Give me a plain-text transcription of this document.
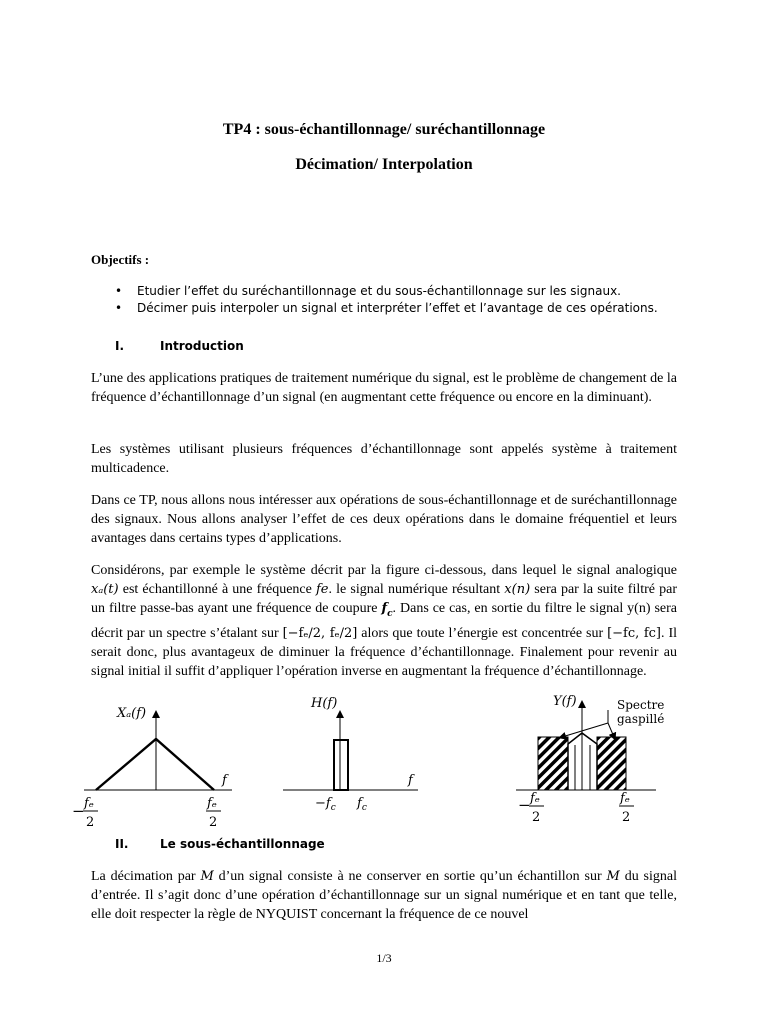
TP4 : sous-échantillonnage/ suréchantillonnage
Décimation/ Interpolation
Objectifs :
• Etudier l’effet du suréchantillonnage et du sous-échantillonnage sur les signaux.
• Décimer puis interpoler un signal et interpréter l’effet et l’avantage de ces opérations.
I.	Introduction

L’une des applications pratiques de traitement numérique du signal, est le problème de changement de la fréquence d’échantillonnage d’un signal (en augmentant cette fréquence ou encore en la diminuant).

Les systèmes utilisant plusieurs fréquences d’échantillonnage sont appelés système à traitement multicadence.

Dans ce TP, nous allons nous intéresser aux opérations de sous-échantillonnage et de suréchantillonnage des signaux. Nous allons analyser l’effet de ces deux opérations dans le domaine fréquentiel et leurs avantages dans certains types d’applications.

Considérons, par exemple le système décrit par la figure ci-dessous, dans lequel le signal analogique xₐ(t) est échantillonné à une fréquence fe. le signal numérique résultant x(n) sera par la suite filtré par un filtre passe-bas ayant une fréquence de coupure $f_c$. Dans ce cas, en sortie du filtre le signal y(n) sera décrit par un spectre s’étalant sur [−fₑ/2, fₑ/2] alors que toute l’énergie est concentrée sur [−fc, fc]. Il serait donc, plus avantageux de diminuer la fréquence d’échantillonnage. Finalement pour revenir au signal initial il suffit d’appliquer l’opération inverse en augmentant la fréquence d’échantillonnage.

Xₐ(f)
f
− fₑ
2
fₑ
2
H(f)
f
$-f_c$ $f_c$
Y(f)	Spectre
gaspillé
− fₑ
2
fₑ
2
II.	Le sous-échantillonnage

La décimation par M d’un signal consiste à ne conserver en sortie qu’un échantillon sur M du signal d’entrée. Il s’agit donc d’une opération d’échantillonnage sur un signal numérique et en tant que telle, elle doit respecter la règle de NYQUIST concernant la fréquence de ce nouvel

1/3
